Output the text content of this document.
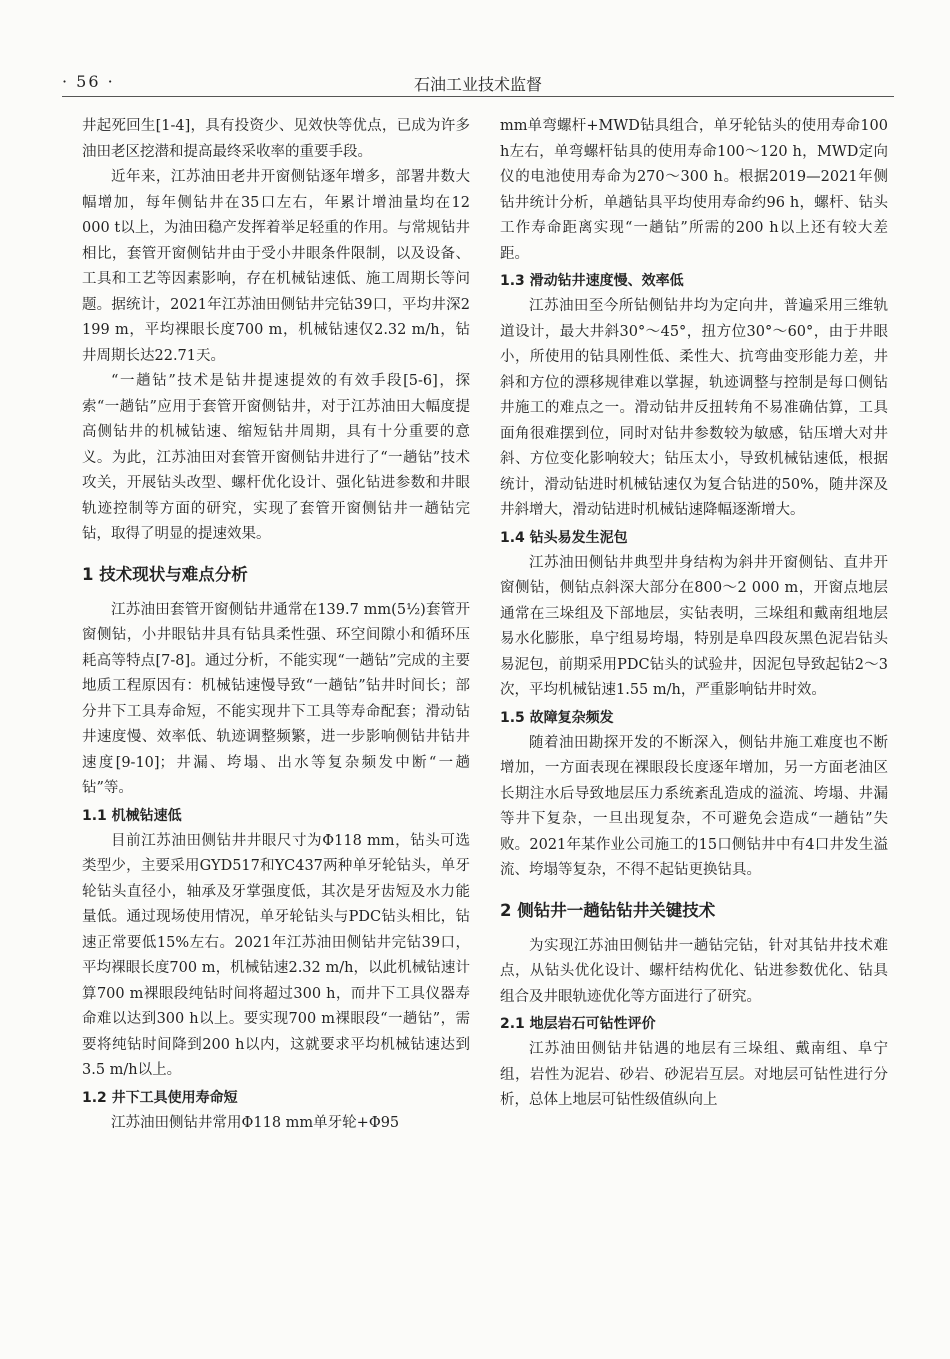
· 56 ·	石油工业技术监督

井起死回生[1-4]，具有投资少、见效快等优点，已成为许多油田老区挖潜和提高最终采收率的重要手段。

近年来，江苏油田老井开窗侧钻逐年增多，部署井数大幅增加，每年侧钻井在35口左右，年累计增油量均在12 000 t以上，为油田稳产发挥着举足轻重的作用。与常规钻井相比，套管开窗侧钻井由于受小井眼条件限制，以及设备、工具和工艺等因素影响，存在机械钻速低、施工周期长等问题。据统计，2021年江苏油田侧钻井完钻39口，平均井深2 199 m，平均裸眼长度700 m，机械钻速仅2.32 m/h，钻井周期长达22.71天。

“一趟钻”技术是钻井提速提效的有效手段[5-6]，探索“一趟钻”应用于套管开窗侧钻井，对于江苏油田大幅度提高侧钻井的机械钻速、缩短钻井周期，具有十分重要的意义。为此，江苏油田对套管开窗侧钻井进行了“一趟钻”技术攻关，开展钻头改型、螺杆优化设计、强化钻进参数和井眼轨迹控制等方面的研究，实现了套管开窗侧钻井一趟钻完钻，取得了明显的提速效果。

1 技术现状与难点分析

江苏油田套管开窗侧钻井通常在139.7 mm(5½)套管开窗侧钻，小井眼钻井具有钻具柔性强、环空间隙小和循环压耗高等特点[7-8]。通过分析，不能实现“一趟钻”完成的主要地质工程原因有：机械钻速慢导致“一趟钻”钻井时间长；部分井下工具寿命短，不能实现井下工具等寿命配套；滑动钻井速度慢、效率低、轨迹调整频繁，进一步影响侧钻井钻井速度[9-10]；井漏、垮塌、出水等复杂频发中断“一趟钻”等。

1.1 机械钻速低

目前江苏油田侧钻井井眼尺寸为Φ118 mm，钻头可选类型少，主要采用GYD517和YC437两种单牙轮钻头，单牙轮钻头直径小，轴承及牙掌强度低，其次是牙齿短及水力能量低。通过现场使用情况，单牙轮钻头与PDC钻头相比，钻速正常要低15%左右。2021年江苏油田侧钻井完钻39口，平均裸眼长度700 m，机械钻速2.32 m/h，以此机械钻速计算700 m裸眼段纯钻时间将超过300 h，而井下工具仪器寿命难以达到300 h以上。要实现700 m裸眼段“一趟钻”，需要将纯钻时间降到200 h以内，这就要求平均机械钻速达到3.5 m/h以上。

1.2 井下工具使用寿命短

江苏油田侧钻井常用Φ118 mm单牙轮+Φ95

mm单弯螺杆+MWD钻具组合，单牙轮钻头的使用寿命100 h左右，单弯螺杆钻具的使用寿命100～120 h，MWD定向仪的电池使用寿命为270～300 h。根据2019—2021年侧钻井统计分析，单趟钻具平均使用寿命约96 h，螺杆、钻头工作寿命距离实现“一趟钻”所需的200 h以上还有较大差距。

1.3 滑动钻井速度慢、效率低

江苏油田至今所钻侧钻井均为定向井，普遍采用三维轨道设计，最大井斜30°～45°，扭方位30°～60°，由于井眼小，所使用的钻具刚性低、柔性大、抗弯曲变形能力差，井斜和方位的漂移规律难以掌握，轨迹调整与控制是每口侧钻井施工的难点之一。滑动钻井反扭转角不易准确估算，工具面角很难摆到位，同时对钻井参数较为敏感，钻压增大对井斜、方位变化影响较大；钻压太小，导致机械钻速低，根据统计，滑动钻进时机械钻速仅为复合钻进的50%，随井深及井斜增大，滑动钻进时机械钻速降幅逐渐增大。

1.4 钻头易发生泥包

江苏油田侧钻井典型井身结构为斜井开窗侧钻、直井开窗侧钻，侧钻点斜深大部分在800～2 000 m，开窗点地层通常在三垛组及下部地层，实钻表明，三垛组和戴南组地层易水化膨胀，阜宁组易垮塌，特别是阜四段灰黑色泥岩钻头易泥包，前期采用PDC钻头的试验井，因泥包导致起钻2～3次，平均机械钻速1.55 m/h，严重影响钻井时效。

1.5 故障复杂频发

随着油田勘探开发的不断深入，侧钻井施工难度也不断增加，一方面表现在裸眼段长度逐年增加，另一方面老油区长期注水后导致地层压力系统紊乱造成的溢流、垮塌、井漏等井下复杂，一旦出现复杂，不可避免会造成“一趟钻”失败。2021年某作业公司施工的15口侧钻井中有4口井发生溢流、垮塌等复杂，不得不起钻更换钻具。

2 侧钻井一趟钻钻井关键技术

为实现江苏油田侧钻井一趟钻完钻，针对其钻井技术难点，从钻头优化设计、螺杆结构优化、钻进参数优化、钻具组合及井眼轨迹优化等方面进行了研究。

2.1 地层岩石可钻性评价

江苏油田侧钻井钻遇的地层有三垛组、戴南组、阜宁组，岩性为泥岩、砂岩、砂泥岩互层。对地层可钻性进行分析，总体上地层可钻性级值纵向上
